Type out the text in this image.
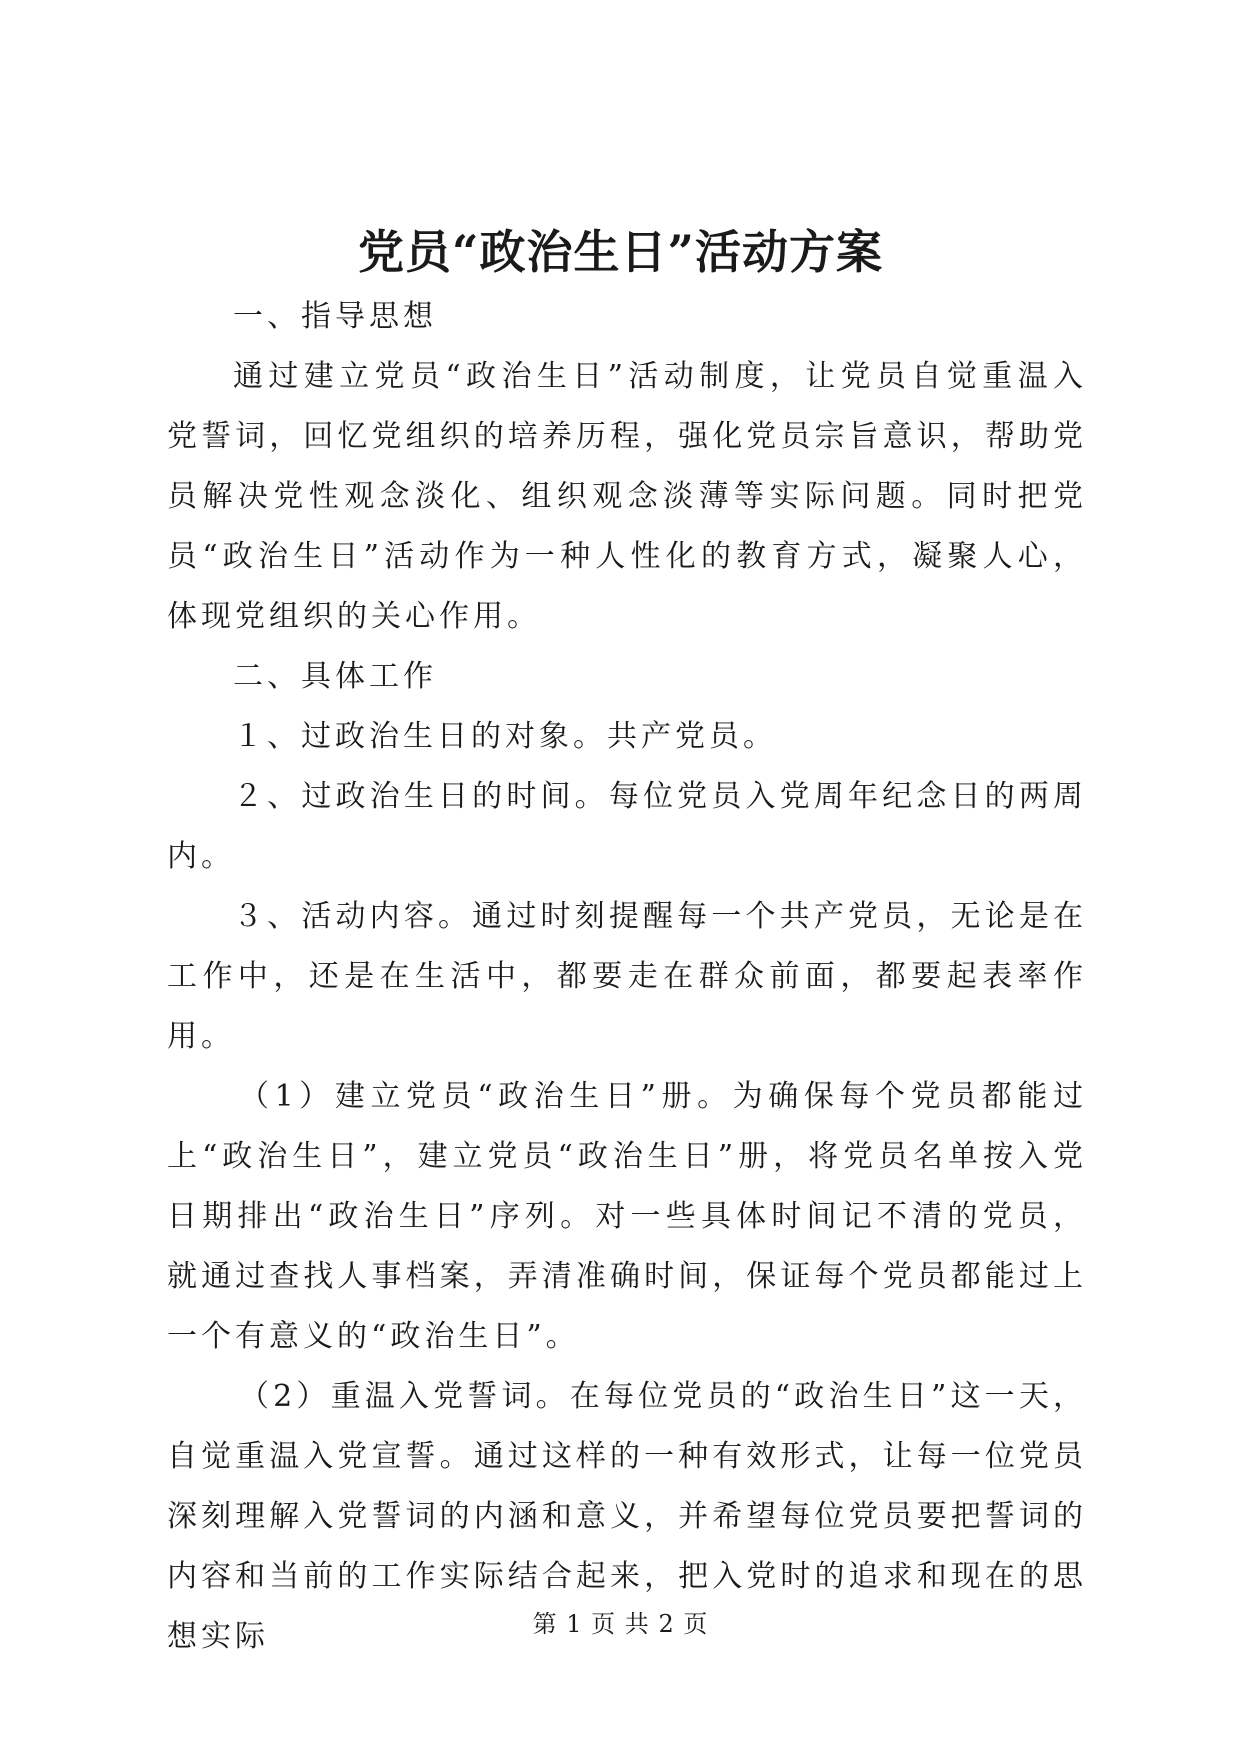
党员“政治生日”活动方案

一、指导思想

通过建立党员“政治生日”活动制度，让党员自觉重温入党誓词，回忆党组织的培养历程，强化党员宗旨意识，帮助党员解决党性观念淡化、组织观念淡薄等实际问题。同时把党员“政治生日”活动作为一种人性化的教育方式，凝聚人心，体现党组织的关心作用。

二、具体工作

１、过政治生日的对象。共产党员。

２、过政治生日的时间。每位党员入党周年纪念日的两周内。

３、活动内容。通过时刻提醒每一个共产党员，无论是在工作中，还是在生活中，都要走在群众前面，都要起表率作用。

（1）建立党员“政治生日”册。为确保每个党员都能过上“政治生日”，建立党员“政治生日”册，将党员名单按入党日期排出“政治生日”序列。对一些具体时间记不清的党员，就通过查找人事档案，弄清准确时间，保证每个党员都能过上一个有意义的“政治生日”。

（2）重温入党誓词。在每位党员的“政治生日”这一天，自觉重温入党宣誓。通过这样的一种有效形式，让每一位党员深刻理解入党誓词的内涵和意义，并希望每位党员要把誓词的内容和当前的工作实际结合起来，把入党时的追求和现在的思想实际	第 1 页 共 2 页
